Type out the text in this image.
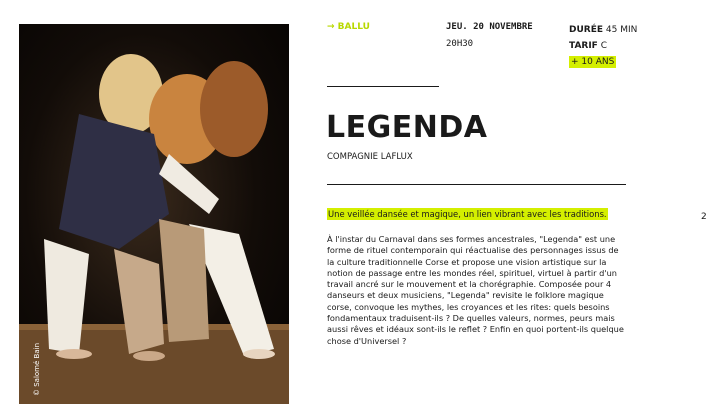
© Salomé Bain
→ BALLU	JEU. 20 NOVEMBRE
20H30
DURÉE 45 MIN
TARIF C
+ 10 ANS
LEGENDA
COMPAGNIE LAFLUX
Une veillée dansée et magique, un lien vibrant avec les traditions.
À l'instar du Carnaval dans ses formes ancestrales, "Legenda" est une forme de rituel contemporain qui réactualise des personnages issus de la culture traditionnelle Corse et propose une vision artistique sur la notion de passage entre les mondes réel, spirituel, virtuel à partir d'un travail ancré sur le mouvement et la chorégraphie. Composée pour 4 danseurs et deux musiciens, "Legenda" revisite le folklore magique corse, convoque les mythes, les croyances et les rites: quels besoins fondamentaux traduisent-ils ? De quelles valeurs, normes, peurs mais aussi rêves et idéaux sont-ils le reflet ? Enfin en quoi portent-ils quelque chose d'Universel ?
2
